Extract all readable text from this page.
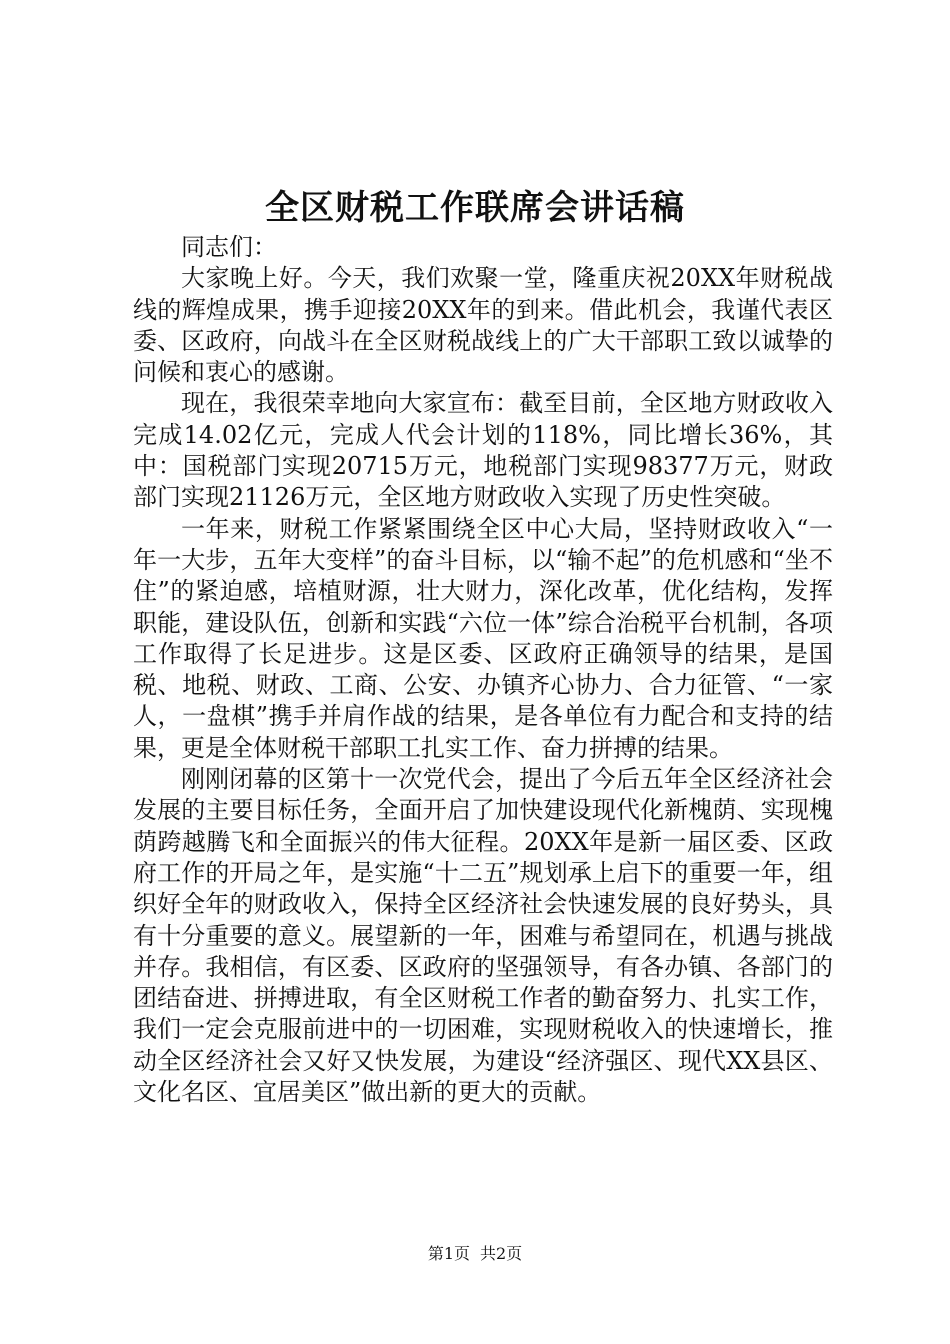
全区财税工作联席会讲话稿

同志们：

大家晚上好。今天，我们欢聚一堂，隆重庆祝20XX年财税战线的辉煌成果，携手迎接20XX年的到来。借此机会，我谨代表区委、区政府，向战斗在全区财税战线上的广大干部职工致以诚挚的问候和衷心的感谢。

现在，我很荣幸地向大家宣布：截至目前，全区地方财政收入完成14.02亿元，完成人代会计划的118%，同比增长36%，其中：国税部门实现20715万元，地税部门实现98377万元，财政部门实现21126万元，全区地方财政收入实现了历史性突破。

一年来，财税工作紧紧围绕全区中心大局，坚持财政收入“一年一大步，五年大变样”的奋斗目标，以“输不起”的危机感和“坐不住”的紧迫感，培植财源，壮大财力，深化改革，优化结构，发挥职能，建设队伍，创新和实践“六位一体”综合治税平台机制，各项工作取得了长足进步。这是区委、区政府正确领导的结果，是国税、地税、财政、工商、公安、办镇齐心协力、合力征管、“一家人，一盘棋”携手并肩作战的结果，是各单位有力配合和支持的结果，更是全体财税干部职工扎实工作、奋力拼搏的结果。

刚刚闭幕的区第十一次党代会，提出了今后五年全区经济社会发展的主要目标任务，全面开启了加快建设现代化新槐荫、实现槐荫跨越腾飞和全面振兴的伟大征程。20XX年是新一届区委、区政府工作的开局之年，是实施“十二五”规划承上启下的重要一年，组织好全年的财政收入，保持全区经济社会快速发展的良好势头，具有十分重要的意义。展望新的一年，困难与希望同在，机遇与挑战并存。我相信，有区委、区政府的坚强领导，有各办镇、各部门的团结奋进、拼搏进取，有全区财税工作者的勤奋努力、扎实工作，我们一定会克服前进中的一切困难，实现财税收入的快速增长，推动全区经济社会又好又快发展，为建设“经济强区、现代XX县区、文化名区、宜居美区”做出新的更大的贡献。

第1页 共2页
